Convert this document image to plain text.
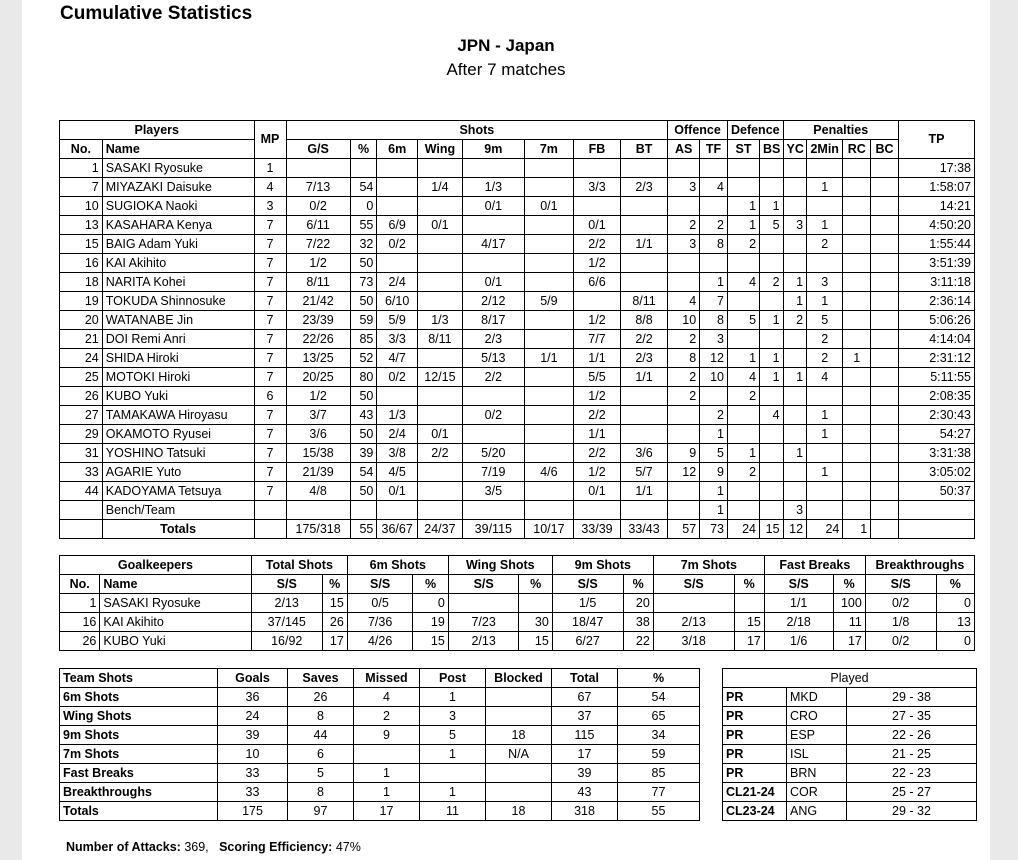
Cumulative Statistics
JPN - Japan
After 7 matches
Players		MP	Shots								Offence		Defence		Penalties				TP
No.	Name		G/S	%	6m	Wing	9m	7m	FB	BT	AS	TF	ST	BS	YC	2Min	RC	BC	
1	SASAKI Ryosuke	1																	17:38
7	MIYAZAKI Daisuke	4	7/13	54		1/4	1/3		3/3	2/3	3	4				1			1:58:07
10	SUGIOKA Naoki	3	0/2	0			0/1	0/1					1	1					14:21
13	KASAHARA Kenya	7	6/11	55	6/9	0/1			0/1		2	2	1	5	3	1			4:50:20
15	BAIG Adam Yuki	7	7/22	32	0/2		4/17		2/2	1/1	3	8	2			2			1:55:44
16	KAI Akihito	7	1/2	50					1/2										3:51:39
18	NARITA Kohei	7	8/11	73	2/4		0/1		6/6			1	4	2	1	3			3:11:18
19	TOKUDA Shinnosuke	7	21/42	50	6/10		2/12	5/9		8/11	4	7			1	1			2:36:14
20	WATANABE Jin	7	23/39	59	5/9	1/3	8/17		1/2	8/8	10	8	5	1	2	5			5:06:26
21	DOI Remi Anri	7	22/26	85	3/3	8/11	2/3		7/7	2/2	2	3				2			4:14:04
24	SHIDA Hiroki	7	13/25	52	4/7		5/13	1/1	1/1	2/3	8	12	1	1		2	1		2:31:12
25	MOTOKI Hiroki	7	20/25	80	0/2	12/15	2/2		5/5	1/1	2	10	4	1	1	4			5:11:55
26	KUBO Yuki	6	1/2	50					1/2		2		2						2:08:35
27	TAMAKAWA Hiroyasu	7	3/7	43	1/3		0/2		2/2			2		4		1			2:30:43
29	OKAMOTO Ryusei	7	3/6	50	2/4	0/1			1/1			1				1			54:27
31	YOSHINO Tatsuki	7	15/38	39	3/8	2/2	5/20		2/2	3/6	9	5	1		1				3:31:38
33	AGARIE Yuto	7	21/39	54	4/5		7/19	4/6	1/2	5/7	12	9	2			1			3:05:02
44	KADOYAMA Tetsuya	7	4/8	50	0/1		3/5		0/1	1/1		1							50:37
	Bench/Team											1			3				
	Totals		175/318	55	36/67	24/37	39/115	10/17	33/39	33/43	57	73	24	15	12	24	1		
Goalkeepers		Total Shots		6m Shots		Wing Shots		9m Shots		7m Shots		Fast Breaks		Breakthroughs	
No.	Name	S/S	%	S/S	%	S/S	%	S/S	%	S/S	%	S/S	%	S/S	%
1	SASAKI Ryosuke	2/13	15	0/5	0			1/5	20			1/1	100	0/2	0
16	KAI Akihito	37/145	26	7/36	19	7/23	30	18/47	38	2/13	15	2/18	11	1/8	13
26	KUBO Yuki	16/92	17	4/26	15	2/13	15	6/27	22	3/18	17	1/6	17	0/2	0
Team Shots	Goals	Saves	Missed	Post	Blocked	Total	%
6m Shots	36	26	4	1		67	54
Wing Shots	24	8	2	3		37	65
9m Shots	39	44	9	5	18	115	34
7m Shots	10	6		1	N/A	17	59
Fast Breaks	33	5	1			39	85
Breakthroughs	33	8	1	1		43	77
Totals	175	97	17	11	18	318	55
Played		
PR	MKD	29 - 38
PR	CRO	27 - 35
PR	ESP	22 - 26
PR	ISL	21 - 25
PR	BRN	22 - 23
CL21-24	COR	25 - 27
CL23-24	ANG	29 - 32
Number of Attacks: 369, Scoring Efficiency: 47%
